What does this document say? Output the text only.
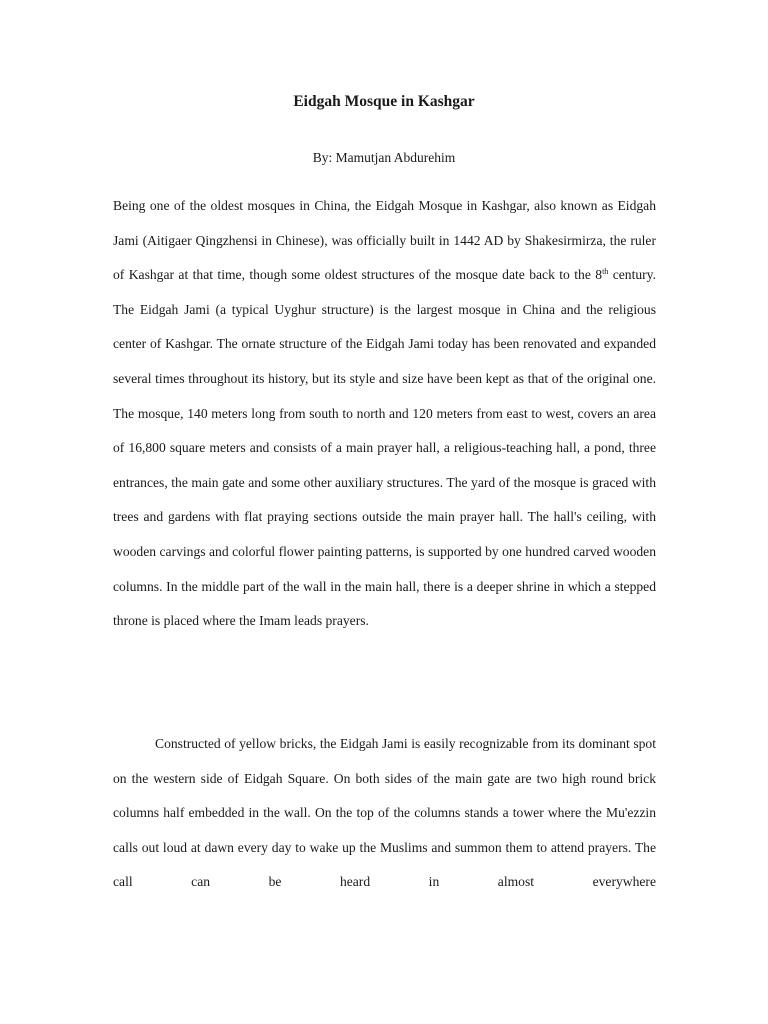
Eidgah Mosque in Kashgar

By: Mamutjan Abdurehim

Being one of the oldest mosques in China, the Eidgah Mosque in Kashgar, also known as Eidgah Jami (Aitigaer Qingzhensi in Chinese), was officially built in 1442 AD by Shakesirmirza, the ruler of Kashgar at that time, though some oldest structures of the mosque date back to the 8th century. The Eidgah Jami (a typical Uyghur structure) is the largest mosque in China and the religious center of Kashgar. The ornate structure of the Eidgah Jami today has been renovated and expanded several times throughout its history, but its style and size have been kept as that of the original one. The mosque, 140 meters long from south to north and 120 meters from east to west, covers an area of 16,800 square meters and consists of a main prayer hall, a religious-teaching hall, a pond, three entrances, the main gate and some other auxiliary structures. The yard of the mosque is graced with trees and gardens with flat praying sections outside the main prayer hall. The hall's ceiling, with wooden carvings and colorful flower painting patterns, is supported by one hundred carved wooden columns. In the middle part of the wall in the main hall, there is a deeper shrine in which a stepped throne is placed where the Imam leads prayers.

Constructed of yellow bricks, the Eidgah Jami is easily recognizable from its dominant spot on the western side of Eidgah Square. On both sides of the main gate are two high round brick columns half embedded in the wall. On the top of the columns stands a tower where the Mu'ezzin calls out loud at dawn every day to wake up the Muslims and summon them to attend prayers. The call can be heard in almost everywhere
